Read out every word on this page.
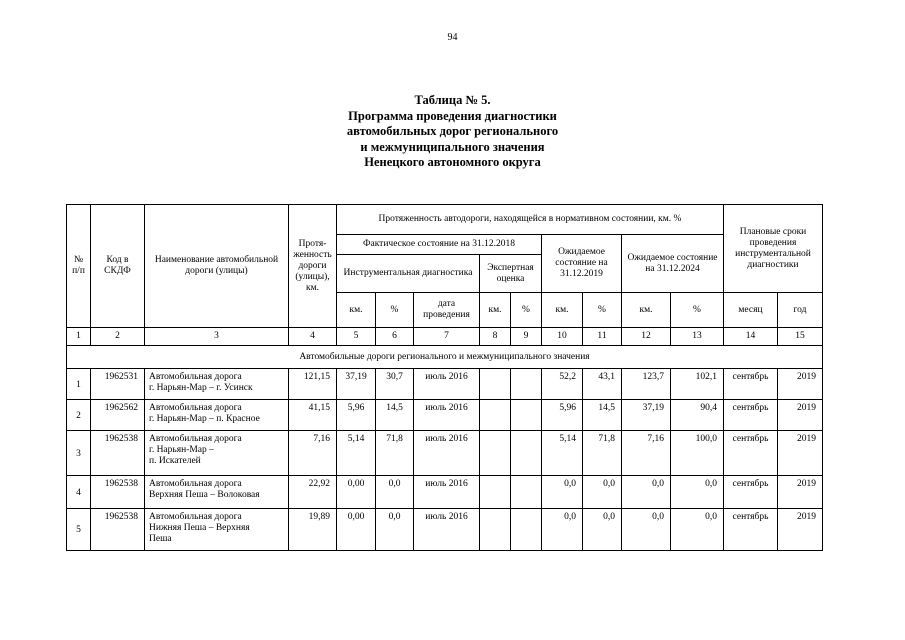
94
Таблица № 5.
Программа проведения диагностики
автомобильных дорог регионального
и межмуниципального значения
Ненецкого автономного округа
№ п/п	Код в СКДФ	Наименование автомобильной дороги (улицы)	Протя-женность дороги (улицы), км.	Протяженность автодороги, находящейся в нормативном состоянии, км. %									Плановые сроки проведения инструментальной диагностики	
				Фактическое состояние на 31.12.2018					Ожидаемое состояние на 31.12.2019		Ожидаемое состояние на 31.12.2024			
				Инструментальная диагностика			Экспертная оценка							
				км.	%	дата проведения	км.	%	км.	%	км.	%	месяц	год
1	2	3	4	5	6	7	8	9	10	11	12	13	14	15
Автомобильные дороги регионального и межмуниципального значения														
1	1962531	Автомобильная дорога
г. Нарьян-Мар – г. Усинск	121,15	37,19	30,7	июль 2016			52,2	43,1	123,7	102,1	сентябрь	2019
2	1962562	Автомобильная дорога
г. Нарьян-Мар – п. Красное	41,15	5,96	14,5	июль 2016			5,96	14,5	37,19	90,4	сентябрь	2019
3	1962538	Автомобильная дорога
г. Нарьян-Мар –
п. Искателей	7,16	5,14	71,8	июль 2016			5,14	71,8	7,16	100,0	сентябрь	2019
4	1962538	Автомобильная дорога
Верхняя Пеша – Волоковая	22,92	0,00	0,0	июль 2016			0,0	0,0	0,0	0,0	сентябрь	2019
5	1962538	Автомобильная дорога
Нижняя Пеша – Верхняя
Пеша	19,89	0,00	0,0	июль 2016			0,0	0,0	0,0	0,0	сентябрь	2019
